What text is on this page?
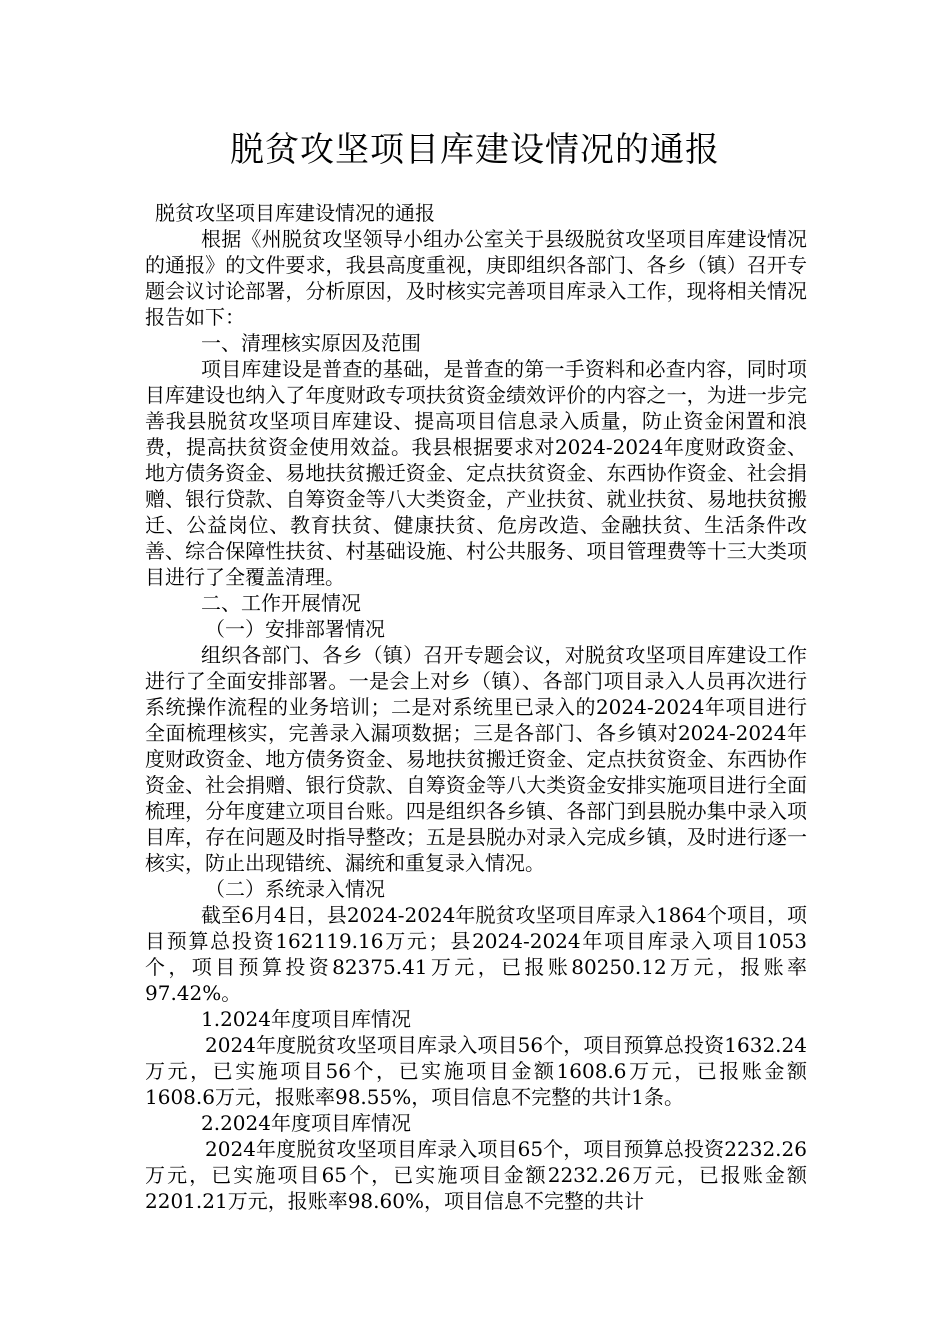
脱贫攻坚项目库建设情况的通报

脱贫攻坚项目库建设情况的通报

根据《州脱贫攻坚领导小组办公室关于县级脱贫攻坚项目库建设情况的通报》的文件要求，我县高度重视，庚即组织各部门、各乡（镇）召开专题会议讨论部署，分析原因，及时核实完善项目库录入工作，现将相关情况报告如下：

一、清理核实原因及范围

项目库建设是普查的基础，是普查的第一手资料和必查内容，同时项目库建设也纳入了年度财政专项扶贫资金绩效评价的内容之一，为进一步完善我县脱贫攻坚项目库建设、提高项目信息录入质量，防止资金闲置和浪费，提高扶贫资金使用效益。我县根据要求对2024-2024年度财政资金、地方债务资金、易地扶贫搬迁资金、定点扶贫资金、东西协作资金、社会捐赠、银行贷款、自筹资金等八大类资金，产业扶贫、就业扶贫、易地扶贫搬迁、公益岗位、教育扶贫、健康扶贫、危房改造、金融扶贫、生活条件改善、综合保障性扶贫、村基础设施、村公共服务、项目管理费等十三大类项目进行了全覆盖清理。

二、工作开展情况

（一）安排部署情况

组织各部门、各乡（镇）召开专题会议，对脱贫攻坚项目库建设工作进行了全面安排部署。一是会上对乡（镇）、各部门项目录入人员再次进行系统操作流程的业务培训；二是对系统里已录入的2024-2024年项目进行全面梳理核实，完善录入漏项数据；三是各部门、各乡镇对2024-2024年度财政资金、地方债务资金、易地扶贫搬迁资金、定点扶贫资金、东西协作资金、社会捐赠、银行贷款、自筹资金等八大类资金安排实施项目进行全面梳理，分年度建立项目台账。四是组织各乡镇、各部门到县脱办集中录入项目库，存在问题及时指导整改；五是县脱办对录入完成乡镇，及时进行逐一核实，防止出现错统、漏统和重复录入情况。

（二）系统录入情况

截至6月4日，县2024-2024年脱贫攻坚项目库录入1864个项目，项目预算总投资162119.16万元；县2024-2024年项目库录入项目1053个，项目预算投资82375.41万元，已报账80250.12万元，报账率97.42%。

1.2024年度项目库情况

2024年度脱贫攻坚项目库录入项目56个，项目预算总投资1632.24万元，已实施项目56个，已实施项目金额1608.6万元，已报账金额1608.6万元，报账率98.55%，项目信息不完整的共计1条。

2.2024年度项目库情况

2024年度脱贫攻坚项目库录入项目65个，项目预算总投资2232.26万元，已实施项目65个，已实施项目金额2232.26万元，已报账金额2201.21万元，报账率98.60%，项目信息不完整的共计
